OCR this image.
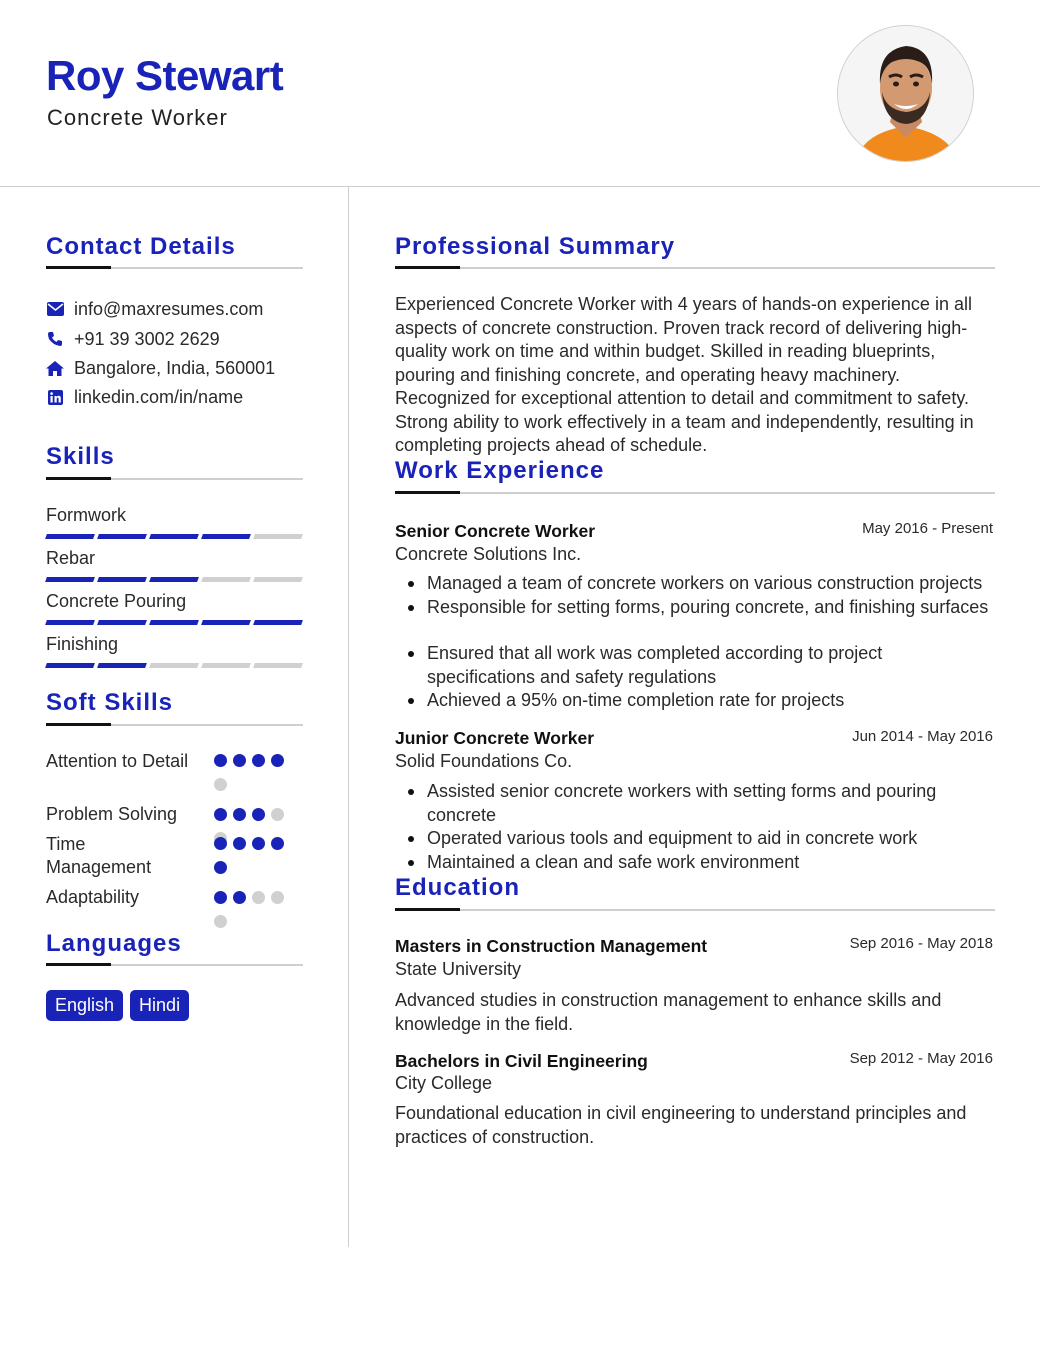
Roy Stewart
Concrete Worker
Contact Details
info@maxresumes.com
+91 39 3002 2629
Bangalore, India, 560001
linkedin.com/in/name
Skills
Formwork
Rebar
Concrete Pouring
Finishing
Soft Skills
Attention to Detail
Problem Solving
Time Management
Adaptability
Languages
English	Hindi
Professional Summary
Experienced Concrete Worker with 4 years of hands-on experience in all aspects of concrete construction. Proven track record of delivering high-quality work on time and within budget. Skilled in reading blueprints, pouring and finishing concrete, and operating heavy machinery. Recognized for exceptional attention to detail and commitment to safety. Strong ability to work effectively in a team and independently, resulting in completing projects ahead of schedule.
Work Experience
Senior Concrete Worker	May 2016 - Present
Concrete Solutions Inc.
Managed a team of concrete workers on various construction projects
Responsible for setting forms, pouring concrete, and finishing surfaces
Ensured that all work was completed according to project specifications and safety regulations
Achieved a 95% on-time completion rate for projects
Junior Concrete Worker	Jun 2014 - May 2016
Solid Foundations Co.
Assisted senior concrete workers with setting forms and pouring concrete
Operated various tools and equipment to aid in concrete work
Maintained a clean and safe work environment
Education
Masters in Construction Management	Sep 2016 - May 2018
State University
Advanced studies in construction management to enhance skills and knowledge in the field.
Bachelors in Civil Engineering	Sep 2012 - May 2016
City College
Foundational education in civil engineering to understand principles and practices of construction.
